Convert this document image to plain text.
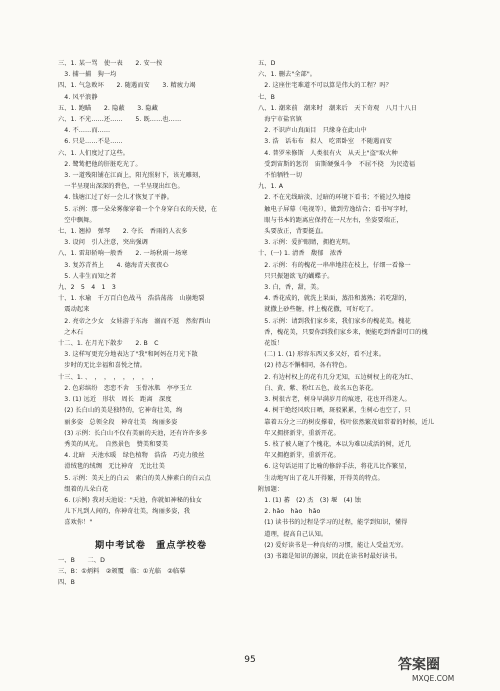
三、1. 某一骂　使一表　　2. 安一按
　3. 捕一捕　狗一均
四、1. 气急败坏　　2. 随遇而安　　3. 精疲力竭
　4. 风平浪静
五、1. 跑瞄　　2. 隐蔽　　3. 隐藏
六、1. 不光……还……　　5. 既……也……
　4. 不……而……
　6. 只是……不是……
六、1. 人们度过了这些。
　2. 鹭鸶把他的肝脏吃光了。
　3. 一道残阳铺在江面上，阳光照射下，该光雕刻，
　一半呈现出深深的碧色，一半呈现出红色。
　4. 钱塘江过了好一会儿才恢复了平静。
　5. 示例：那一朵朵雾像穿着一个个身穿白衣的天使，在
　空中飘舞。
七、1. 翘掉　弹琴　　2. 夺长　香雨的人衣多
　3. 设问　引人注意，突出强调
八、1. 雷却轿响一般香　　2. 一场秋雨一场寒
　3. 复苏青苔上　　4. 德海青天夜夜心
　5. 人非生而知之者
九、2　5　4　1　3
十、1. 水瑜　千万百白色战马　浩浩荡荡　山崩地裂
　震动起来
　2. 亮帝之少女　女娃游于东海　溺而不返　然衔西山
　之木石
十二、1. 在月光下散步　　2. B　C
　3. 这样写更充分地表达了"我"和阿妈在月光下散
　步时的无比幸福和喜悦之情。
十三、1. 、　，　，　，　，　，　，　，
　2. 色彩缤纷　恋恋不舍　玉骨冰肌　亭亭玉立
　3. (1) 远近　形状　周长　距离　深度
　(2) 长白山的美是独特的，它神奇壮美，绚
　丽多姿　总领全段　神奇壮美　绚丽多姿
　(3) 示例：长白山不仅有美丽的天池，还有许许多多
　秀美的风光。　自然景色　赞美和要美
　4. 北暗　天池水暖　绿色植物　浩浩　巧克力般丝
　滑绒毯的绒绸　无比神奇　无比壮美
　5. 示例：美天上的白云　素白的美人捧素白的白云点
　缀着的儿朵白花
　6. (示例) 我对天池说："天池，你就如神秘的仙女
　儿下凡到人间的，你神奇壮美，绚丽多姿，我
　喜欢你！"
期中考试卷　重点学校卷
一、B　　二、D
三、B：①炳料　②颁覆　临：①光临　②临摹
四、B
五、D
六、1. 删去"全部"。
　2. 这座住宅难道不可以算是伟大的工程？吗？
七、B
八、1. 潮来前　潮来时　潮来后　天下奇观　八月十八日
　海宁市盐官镇
　2. 不识庐山真面目　只缘身在此山中
　3. 浩　话布布　拟人　吃雷卧室　不随遇而安
　4. 普罗米修斯　人类很有火　从天上"盗"取火种
　受到宙斯的惩罚　宙斯硬强斗争　不屈不挠　为民造福
　不怕牺牲一切
九、1. A
　2. 不在光线暗淡、过暗的环境下看书；不能过久地接
　触电子屏幕（电视等），做到劳逸结合；看书写字时，
　眼与书本的距离应保持在一尺左右，坐姿要端正，
　头要放正，背要挺直。
　3. 示例：爱护眼睛，拥抱光明。
十、(一) 1. 清香　馥郁　浓香
　2. 示例：有的槐花一串串地挂在枝上，仔细一看像一
　只只振翅欲飞的蝴蝶子。
　3. 白，香，甜，美。
　4. 香花成的，就洗上果面，蒸沿和蒸熟；若吃甜的，
　就撒上砂些糖，拌上槐花撒，可好吃了。
　5. 示例：请到我们家乡来，我们家乡的槐花美。槐花
　香，槐花美，只要你到我们家乡来，便能吃到香甜可口的槐
　花饭！
　(二) 1. (1) 形容东西又多又好，看不过来。
　(2) 持志不懈相同，各有特色。
　2. 有边村权上的花有几分无知，五边树杈上的花为红、
　白、黄、紫、粉红五色，故名五色茶花。
　3. 树很古老，树身早满岁月的痕迹，花也开得迷人。
　4. 树干绝经风吹日晒，斑驳累累，生树心也空了，只
　靠着五分之三的树皮撑着，枝叶依然繁茂如常着的时候，近儿
　年又拥挤新芽，重新开花。
　5. 枝了被人砸了个槐花，本以为难以成活的树，近几
　年又拥抱新芽，重新开花。
　6. 这句话运用了比喻的修辞手法，将花儿比作繁星，
　生动地写出了花儿开得繁，开得美的特点。
附加题：
　1. (1) 蕃　(2) 杰　(3) 堰　(4) 蚀
　2. hǎo　hào　hǎo
　(1) 读书书的过程是学习的过程，能学到知识，懂得
　道理，提高自己认知。
　(2) 爱好读书是一种良好的习惯，能让人受益无穷。
　(3) 书籍是知识的源泉，因此在读书时最好读书。
95	答案圈
MXQE.COM
